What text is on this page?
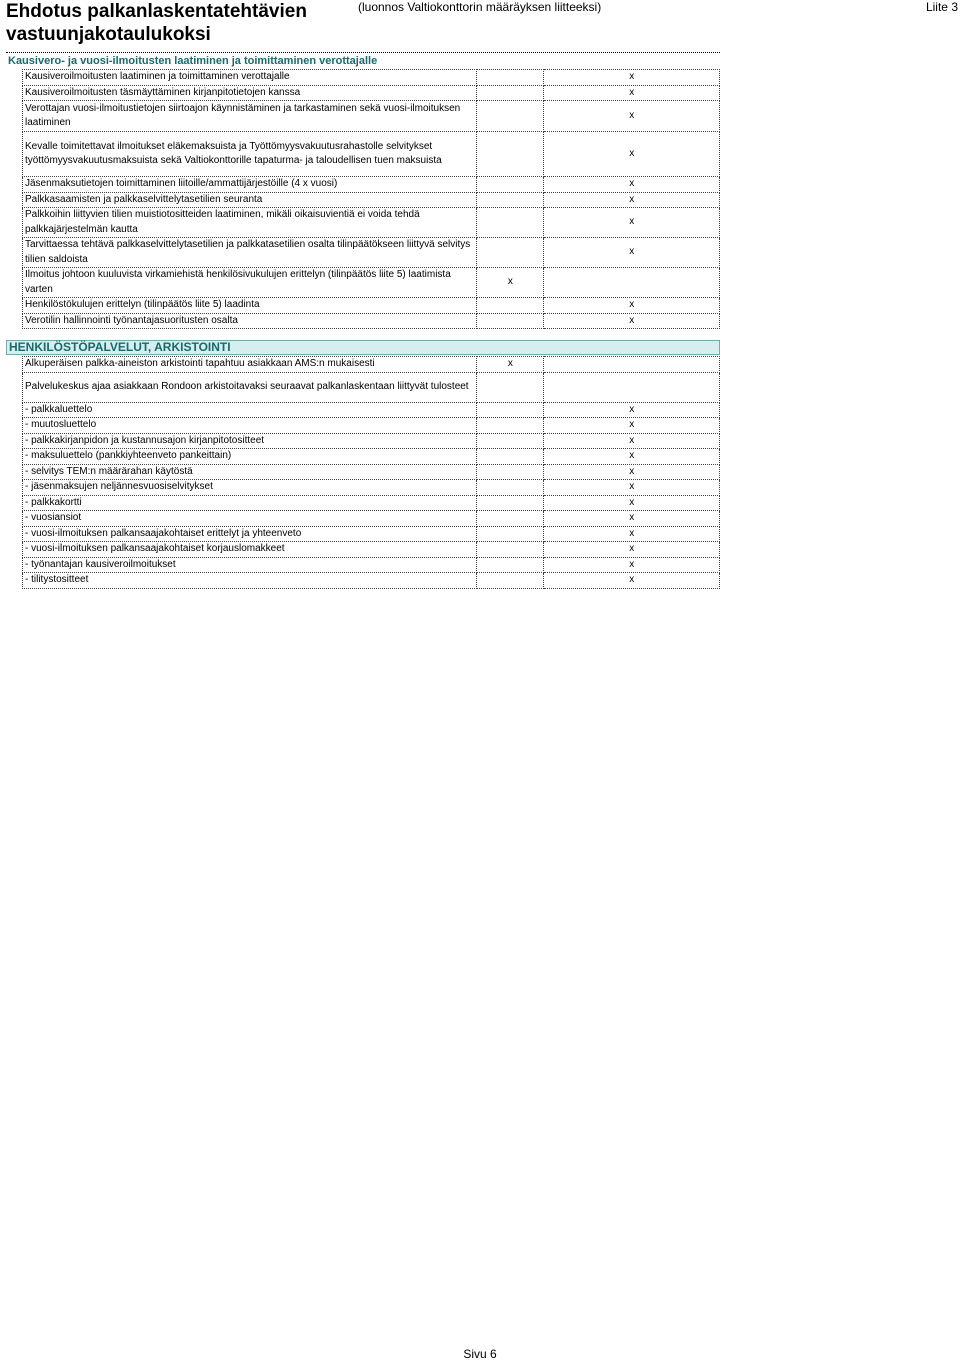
Ehdotus palkanlaskentatehtävien vastuunjakotaulukoksi
(luonnos Valtiokonttorin määräyksen liitteeksi)	Liite 3
Kausivero- ja vuosi-ilmoitusten laatiminen ja toimittaminen verottajalle
Kausiveroilmoitusten laatiminen ja toimittaminen verottajalle		x
Kausiveroilmoitusten täsmäyttäminen kirjanpitotietojen kanssa		x
Verottajan vuosi-ilmoitustietojen siirtoajon käynnistäminen ja tarkastaminen sekä vuosi-ilmoituksen laatiminen		x
Kevalle toimitettavat ilmoitukset eläkemaksuista ja Työttömyysvakuutusrahastolle selvitykset työttömyysvakuutusmaksuista sekä Valtiokonttorille tapaturma- ja taloudellisen tuen maksuista		x
Jäsenmaksutietojen toimittaminen liitoille/ammattijärjestöille (4 x vuosi)		x
Palkkasaamisten ja palkkaselvittelytasetilien seuranta		x
Palkkoihin liittyvien tilien muistiotositteiden laatiminen, mikäli oikaisuvientiä ei voida tehdä palkkajärjestelmän kautta		x
Tarvittaessa tehtävä palkkaselvittelytasetilien ja palkkatasetilien osalta tilinpäätökseen liittyvä selvitys tilien saldoista		x
Ilmoitus johtoon kuuluvista virkamiehistä henkilösivukulujen erittelyn (tilinpäätös liite 5) laatimista varten	x	
Henkilöstökulujen erittelyn (tilinpäätös liite 5) laadinta		x
Verotilin hallinnointi työnantajasuoritusten osalta		x
HENKILÖSTÖPALVELUT, ARKISTOINTI
Alkuperäisen palkka-aineiston arkistointi tapahtuu asiakkaan AMS:n mukaisesti	x	
Palvelukeskus ajaa asiakkaan Rondoon arkistoitavaksi seuraavat palkanlaskentaan liittyvät tulosteet		
- palkkaluettelo		x
- muutosluettelo		x
- palkkakirjanpidon ja kustannusajon kirjanpitotositteet		x
- maksuluettelo (pankkiyhteenveto pankeittain)		x
- selvitys TEM:n määrärahan käytöstä		x
- jäsenmaksujen neljännesvuosiselvitykset		x
- palkkakortti		x
- vuosiansiot		x
- vuosi-ilmoituksen palkansaajakohtaiset erittelyt ja yhteenveto		x
- vuosi-ilmoituksen palkansaajakohtaiset korjauslomakkeet		x
- työnantajan kausiveroilmoitukset		x
- tilitystositteet		x
Sivu 6
